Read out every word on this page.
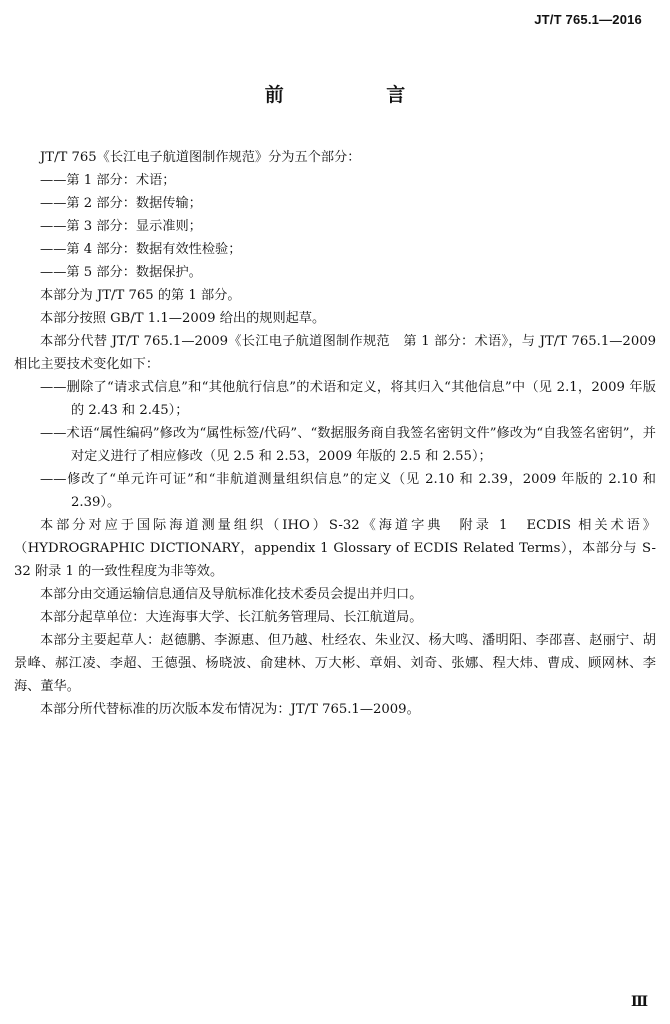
JT/T 765.1—2016
前 言

JT/T 765《长江电子航道图制作规范》分为五个部分：

——第 1 部分：术语；

——第 2 部分：数据传输；

——第 3 部分：显示准则；

——第 4 部分：数据有效性检验；

——第 5 部分：数据保护。

本部分为 JT/T 765 的第 1 部分。

本部分按照 GB/T 1.1—2009 给出的规则起草。

本部分代替 JT/T 765.1—2009《长江电子航道图制作规范　第 1 部分：术语》，与 JT/T 765.1—2009 相比主要技术变化如下：

——删除了“请求式信息”和“其他航行信息”的术语和定义，将其归入“其他信息”中（见 2.1，2009 年版的 2.43 和 2.45）；

——术语“属性编码”修改为“属性标签/代码”、“数据服务商自我签名密钥文件”修改为“自我签名密钥”，并对定义进行了相应修改（见 2.5 和 2.53，2009 年版的 2.5 和 2.55）；

——修改了“单元许可证”和“非航道测量组织信息”的定义（见 2.10 和 2.39，2009 年版的 2.10 和 2.39）。

本部分对应于国际海道测量组织（IHO）S-32《海道字典　附录 1　ECDIS 相关术语》（HYDROGRAPHIC DICTIONARY，appendix 1 Glossary of ECDIS Related Terms），本部分与 S-32 附录 1 的一致性程度为非等效。

本部分由交通运输信息通信及导航标准化技术委员会提出并归口。

本部分起草单位：大连海事大学、长江航务管理局、长江航道局。

本部分主要起草人：赵德鹏、李源惠、但乃越、杜经农、朱业汉、杨大鸣、潘明阳、李邵喜、赵丽宁、胡景峰、郝江凌、李超、王德强、杨晓波、俞建林、万大彬、章娟、刘奇、张娜、程大炜、曹成、顾网林、李海、董华。

本部分所代替标准的历次版本发布情况为：JT/T 765.1—2009。

Ⅲ
